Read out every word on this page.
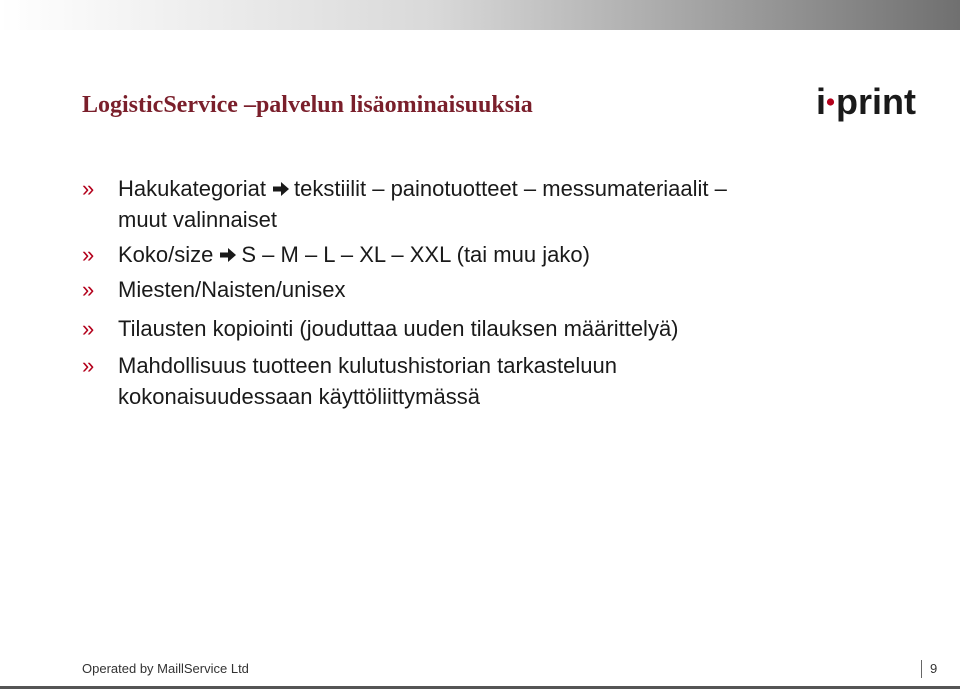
LogisticService –palvelun lisäominaisuuksia	i print
» Hakukategoriat tekstiilit – painotuotteet – messumateriaalit – muut valinnaiset
» Koko/size S – M – L – XL – XXL (tai muu jako)
» Miesten/Naisten/unisex
» Tilausten kopiointi (jouduttaa uuden tilauksen määrittelyä)
» Mahdollisuus tuotteen kulutushistorian tarkasteluun kokonaisuudessaan käyttöliittymässä
Operated by MaillService Ltd	9
